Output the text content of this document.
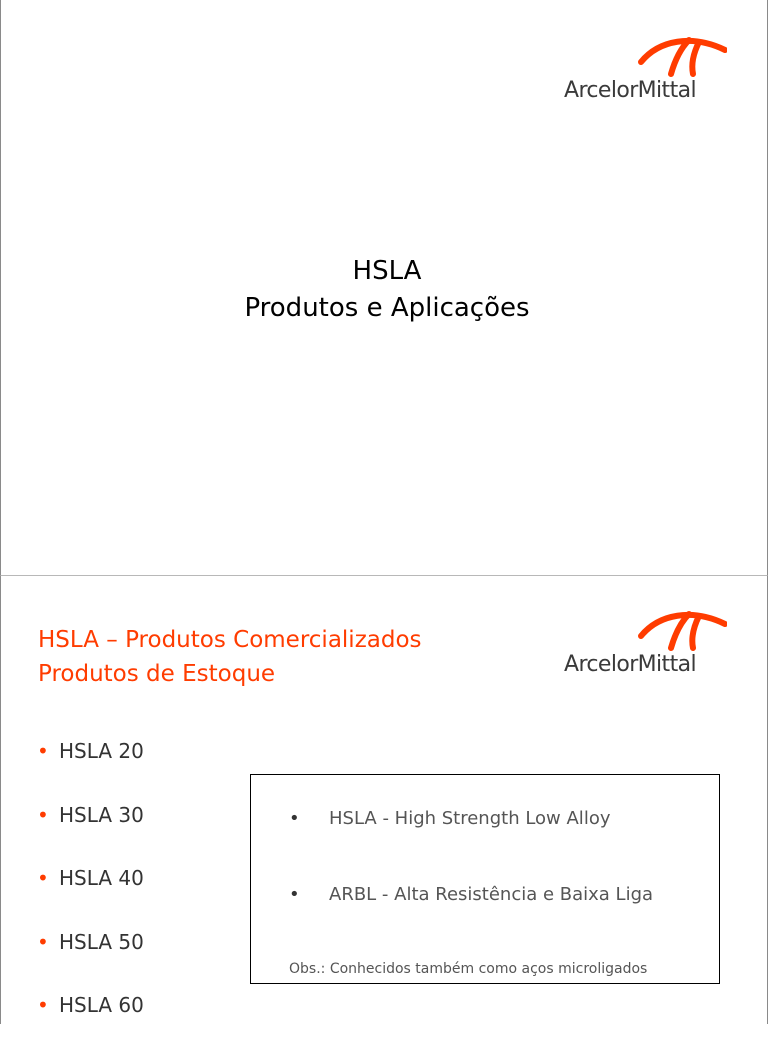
ArcelorMittal
HSLA
Produtos e Aplicações
HSLA – Produtos Comercializados
Produtos de Estoque	ArcelorMittal
• HSLA 20
• HSLA 30
• HSLA 40
• HSLA 50
• HSLA 60
• HSLA - High Strength Low Alloy
• ARBL - Alta Resistência e Baixa Liga
Obs.: Conhecidos também como aços microligados
